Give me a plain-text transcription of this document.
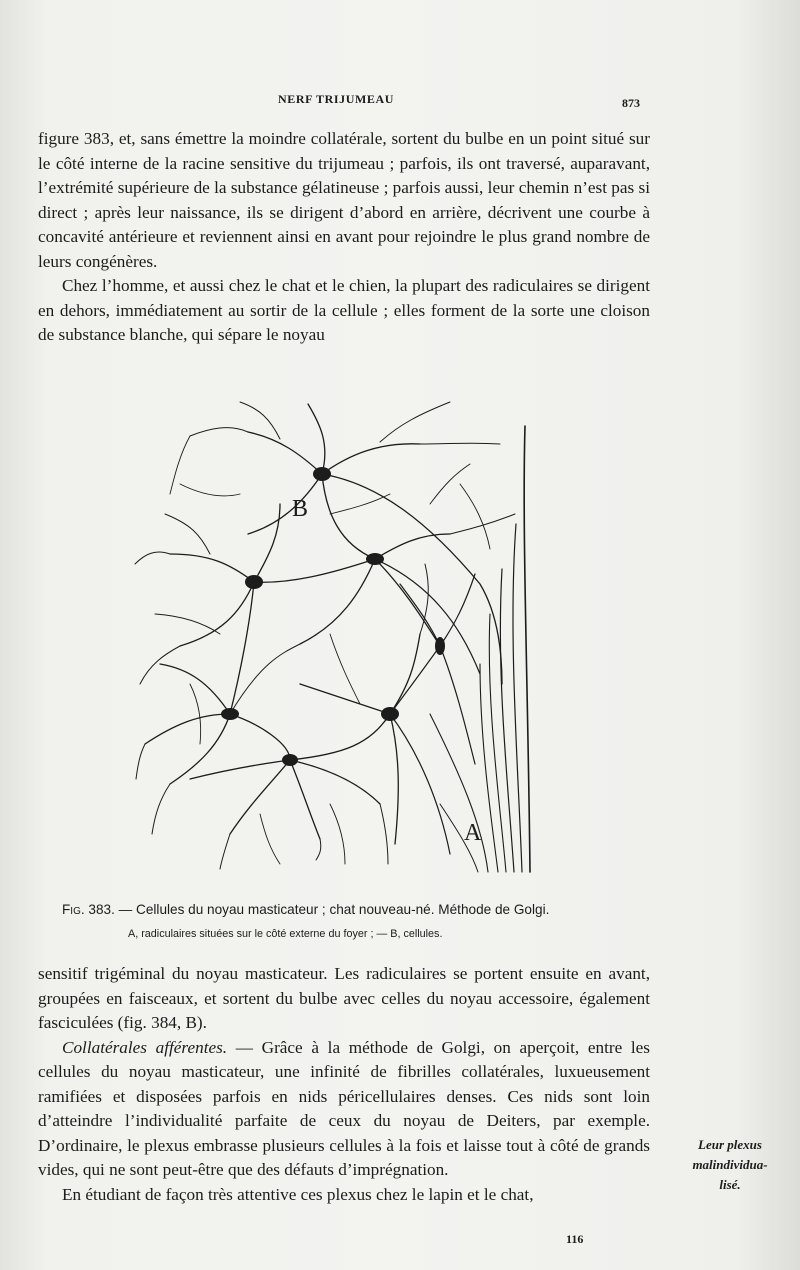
NERF TRIJUMEAU	873

figure 383, et, sans émettre la moindre collatérale, sortent du bulbe en un point situé sur le côté interne de la racine sensitive du trijumeau ; parfois, ils ont traversé, auparavant, l’extrémité supérieure de la substance gélatineuse ; parfois aussi, leur chemin n’est pas si direct ; après leur naissance, ils se dirigent d’abord en arrière, décrivent une courbe à concavité antérieure et reviennent ainsi en avant pour rejoindre le plus grand nombre de leurs congénères.

Chez l’homme, et aussi chez le chat et le chien, la plupart des radiculaires se dirigent en dehors, immédiatement au sortir de la cellule ; elles forment de la sorte une cloison de substance blanche, qui sépare le noyau

B
A
Fig. 383. — Cellules du noyau masticateur ; chat nouveau-né. Méthode de Golgi.
A, radiculaires situées sur le côté externe du foyer ; — B, cellules.

sensitif trigéminal du noyau masticateur. Les radiculaires se portent ensuite en avant, groupées en faisceaux, et sortent du bulbe avec celles du noyau accessoire, également fasciculées (fig. 384, B).

Collatérales afférentes. — Grâce à la méthode de Golgi, on aperçoit, entre les cellules du noyau masticateur, une infinité de fibrilles collatérales, luxueusement ramifiées et disposées parfois en nids péricellulaires denses. Ces nids sont loin d’atteindre l’individualité parfaite de ceux du noyau de Deiters, par exemple. D’ordinaire, le plexus embrasse plusieurs cellules à la fois et laisse tout à côté de grands vides, qui ne sont peut-être que des défauts d’imprégnation.

En étudiant de façon très attentive ces plexus chez le lapin et le chat,

Leur plexus
malindividua-
lisé.
116
